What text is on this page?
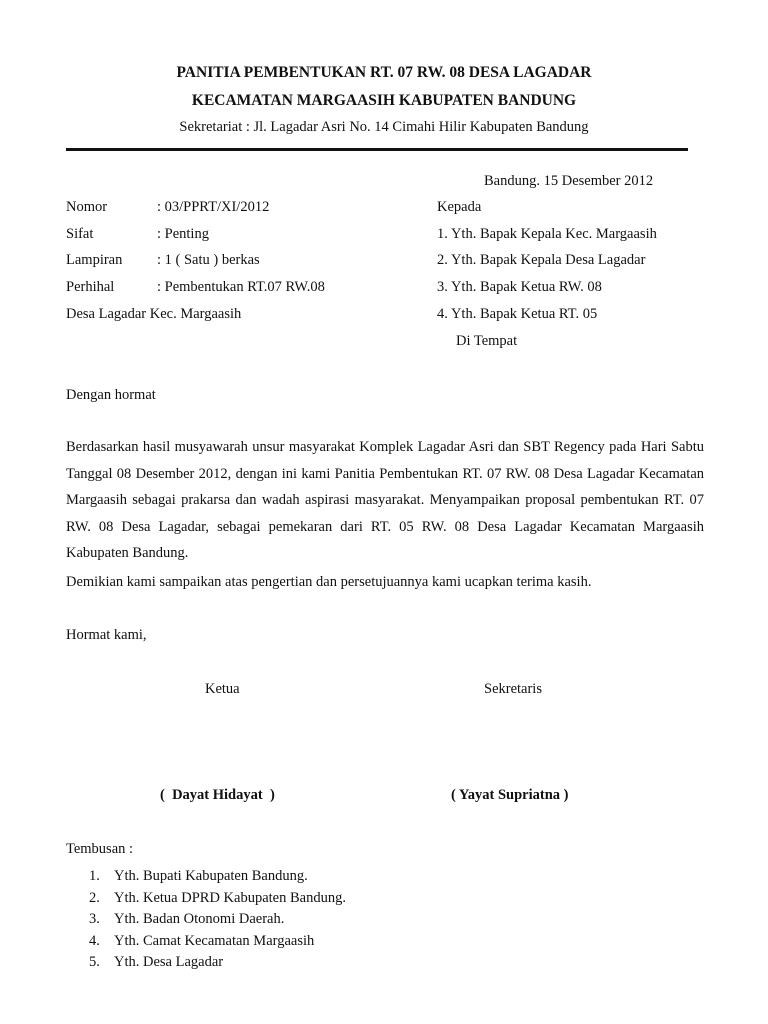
PANITIA PEMBENTUKAN RT. 07 RW. 08 DESA LAGADAR
KECAMATAN MARGAASIH KABUPATEN BANDUNG
Sekretariat : Jl. Lagadar Asri No. 14 Cimahi Hilir Kabupaten Bandung
Bandung. 15 Desember 2012
Nomor	: 03/PPRT/XI/2012
Sifat	: Penting
Lampiran : 1 ( Satu ) berkas
Perhihal	: Pembentukan RT.07 RW.08
Desa Lagadar Kec. Margaasih
Kepada
1. Yth. Bapak Kepala Kec. Margaasih
2. Yth. Bapak Kepala Desa Lagadar
3. Yth. Bapak Ketua RW. 08
4. Yth. Bapak Ketua RT. 05
Di Tempat
Dengan hormat

Berdasarkan hasil musyawarah unsur masyarakat Komplek Lagadar Asri dan SBT Regency pada Hari Sabtu Tanggal 08 Desember 2012, dengan ini kami Panitia Pembentukan RT. 07 RW. 08 Desa Lagadar Kecamatan Margaasih sebagai prakarsa dan wadah aspirasi masyarakat. Menyampaikan proposal pembentukan RT. 07 RW. 08 Desa Lagadar, sebagai pemekaran dari RT. 05 RW. 08 Desa Lagadar Kecamatan Margaasih Kabupaten Bandung.

Demikian kami sampaikan atas pengertian dan persetujuannya kami ucapkan terima kasih.
Hormat kami,
Ketua	Sekretaris
(  Dayat Hidayat  )	( Yayat Supriatna )
Tembusan :
1. Yth. Bupati Kabupaten Bandung.
2. Yth. Ketua DPRD Kabupaten Bandung.
3. Yth. Badan Otonomi Daerah.
4. Yth. Camat Kecamatan Margaasih
5. Yth. Desa Lagadar
